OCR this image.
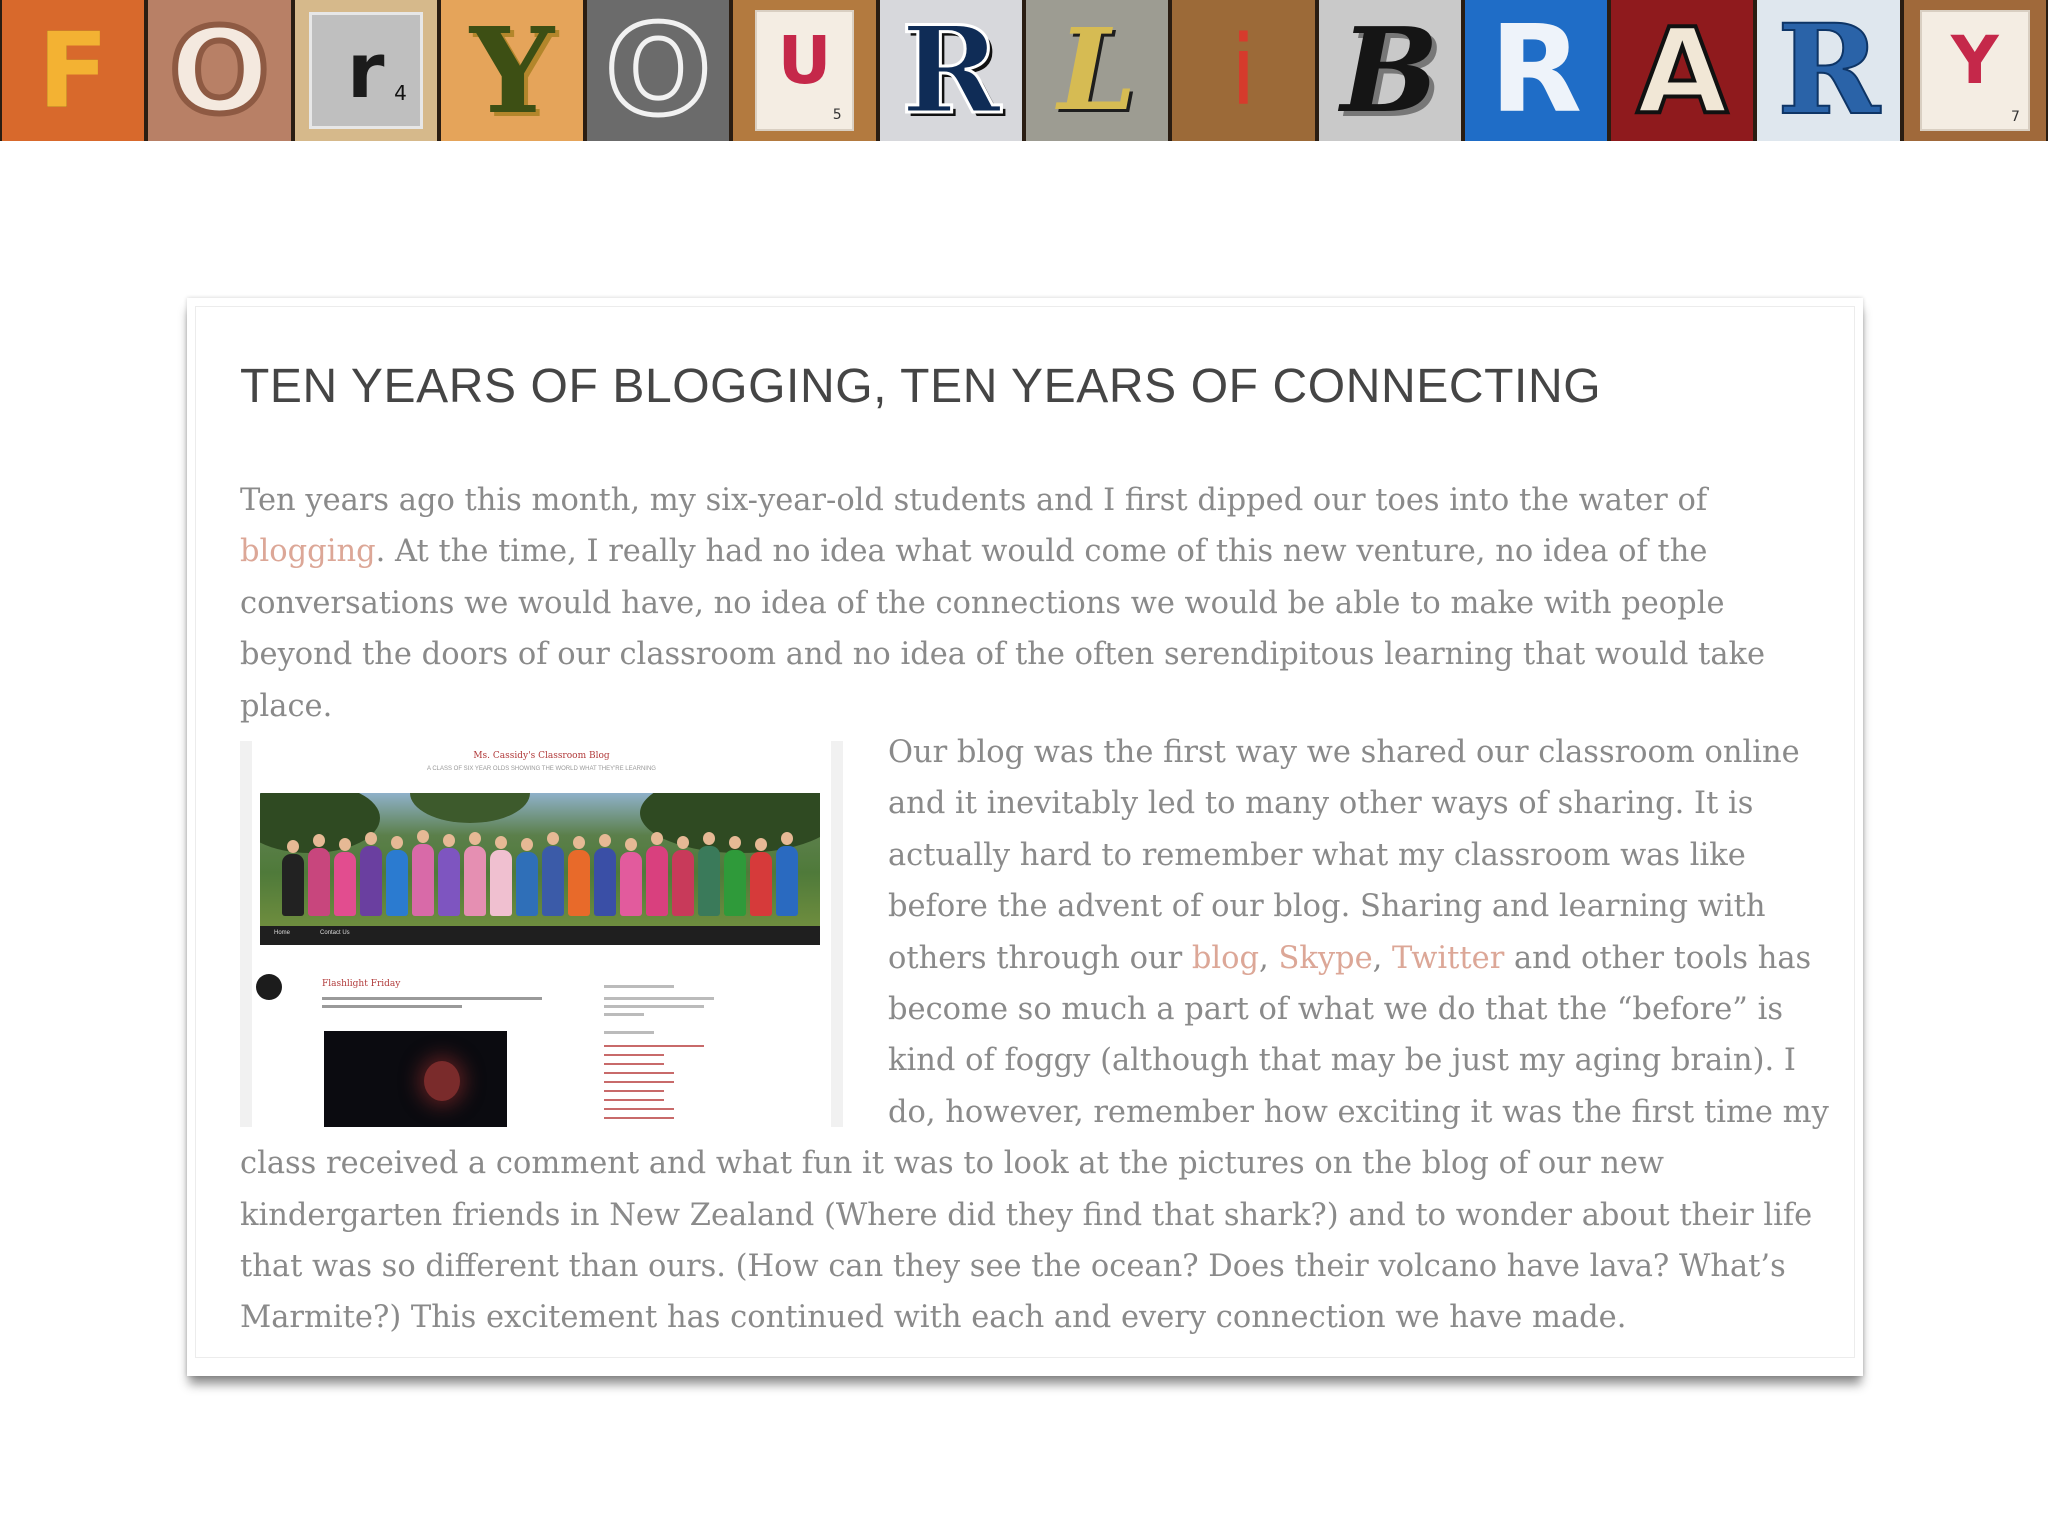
F O r 4 Y O U
5 R L i B R A R Y
7
TEN YEARS OF BLOGGING, TEN YEARS OF CONNECTING

Ten years ago this month, my six-year-old students and I first dipped our toes into the water of blogging. At the time, I really had no idea what would come of this new venture, no idea of the conversations we would have, no idea of the connections we would be able to make with people beyond the doors of our classroom and no idea of the often serendipitous learning that would take place.

Ms. Cassidy's Classroom Blog
A CLASS OF SIX YEAR OLDS SHOWING THE WORLD WHAT THEY'RE LEARNING
Home	Contact Us
Flashlight Friday
Our blog was the first way we shared our classroom online and it inevitably led to many other ways of sharing. It is actually hard to remember what my classroom was like before the advent of our blog. Sharing and learning with others through our blog, Skype, Twitter and other tools has become so much a part of what we do that the “before” is kind of foggy (although that may be just my aging brain). I do, however, remember how exciting it was the first time my class received a comment and what fun it was to look at the pictures on the blog of our new kindergarten friends in New Zealand (Where did they find that shark?) and to wonder about their life that was so different than ours. (How can they see the ocean? Does their volcano have lava? What’s Marmite?) This excitement has continued with each and every connection we have made.
